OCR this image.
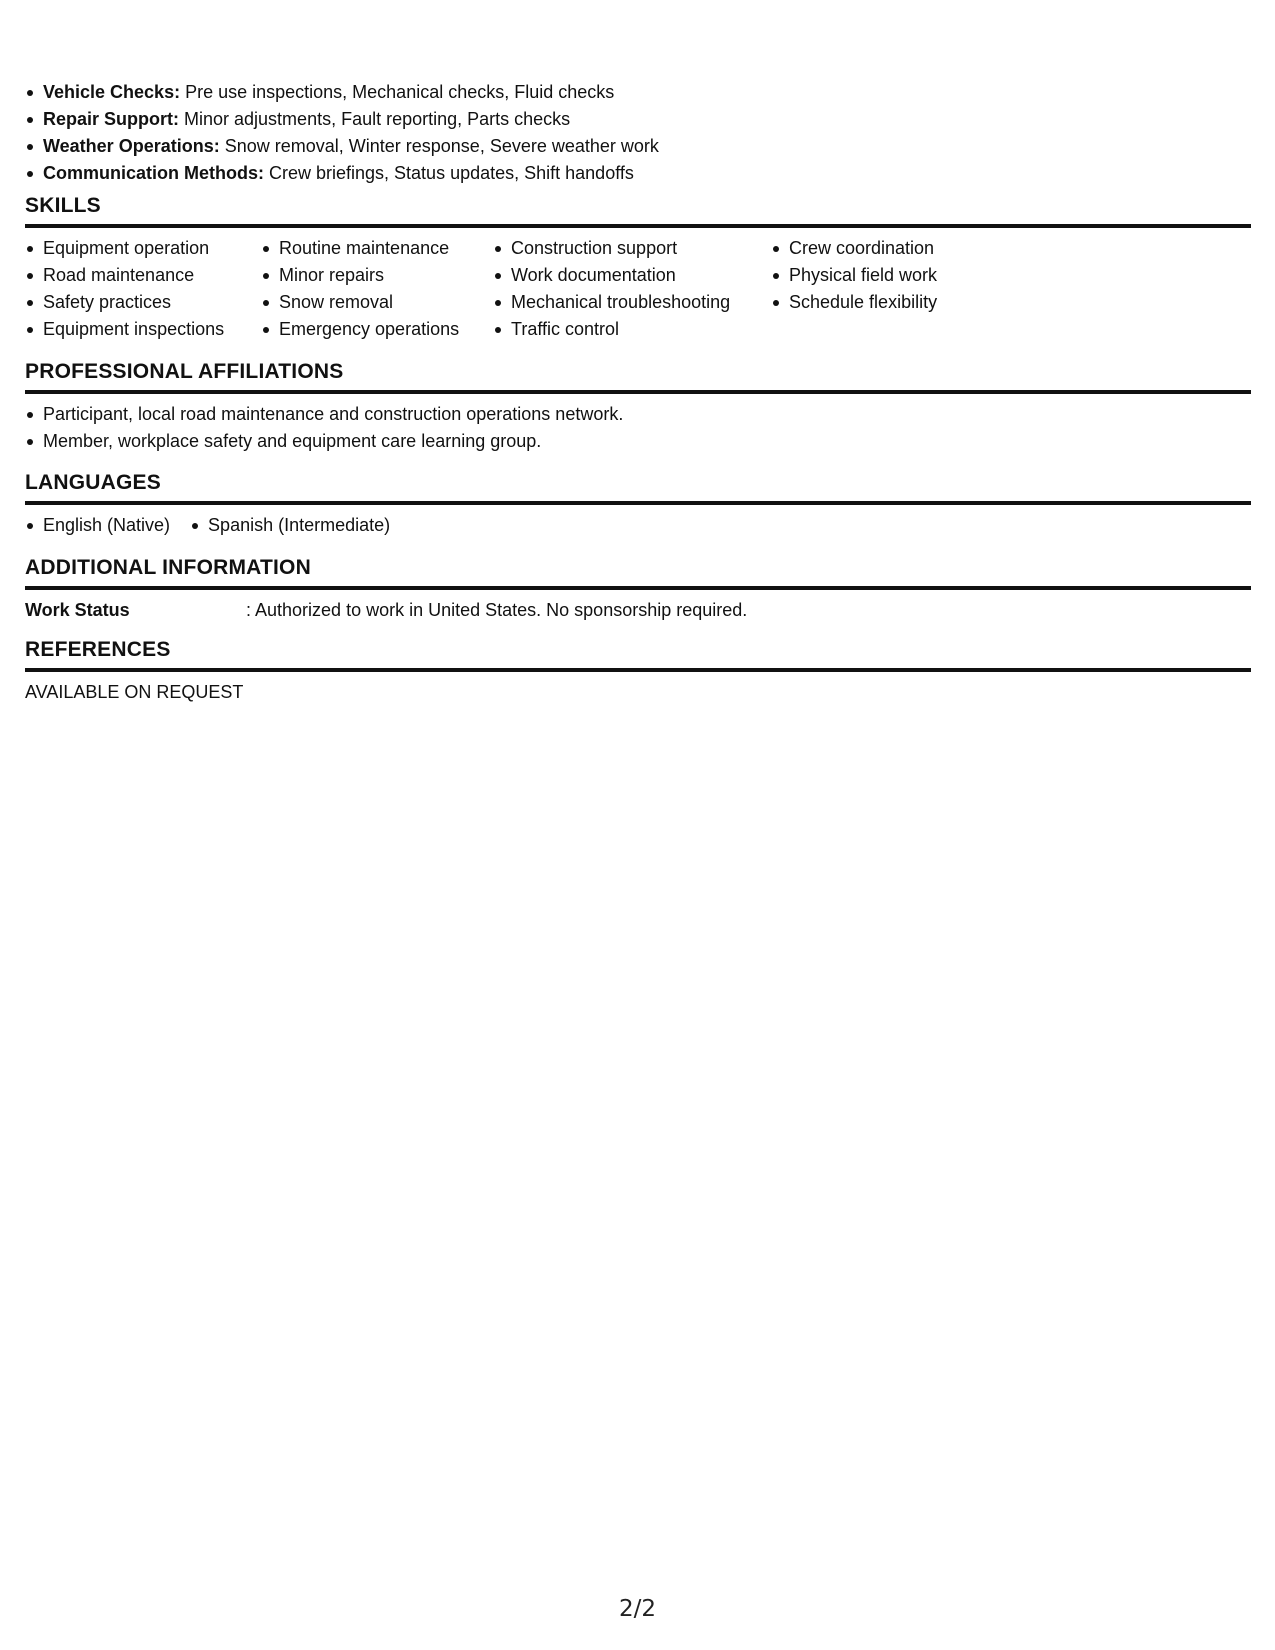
Vehicle Checks: Pre use inspections, Mechanical checks, Fluid checks
Repair Support: Minor adjustments, Fault reporting, Parts checks
Weather Operations: Snow removal, Winter response, Severe weather work
Communication Methods: Crew briefings, Status updates, Shift handoffs
SKILLS
Equipment operation
Road maintenance
Safety practices
Equipment inspections
Routine maintenance
Minor repairs
Snow removal
Emergency operations
Construction support
Work documentation
Mechanical troubleshooting
Traffic control
Crew coordination
Physical field work
Schedule flexibility
PROFESSIONAL AFFILIATIONS
Participant, local road maintenance and construction operations network.
Member, workplace safety and equipment care learning group.
LANGUAGES
English (Native)	Spanish (Intermediate)
ADDITIONAL INFORMATION
Work Status	: Authorized to work in United States. No sponsorship required.
REFERENCES
AVAILABLE ON REQUEST
2/2
